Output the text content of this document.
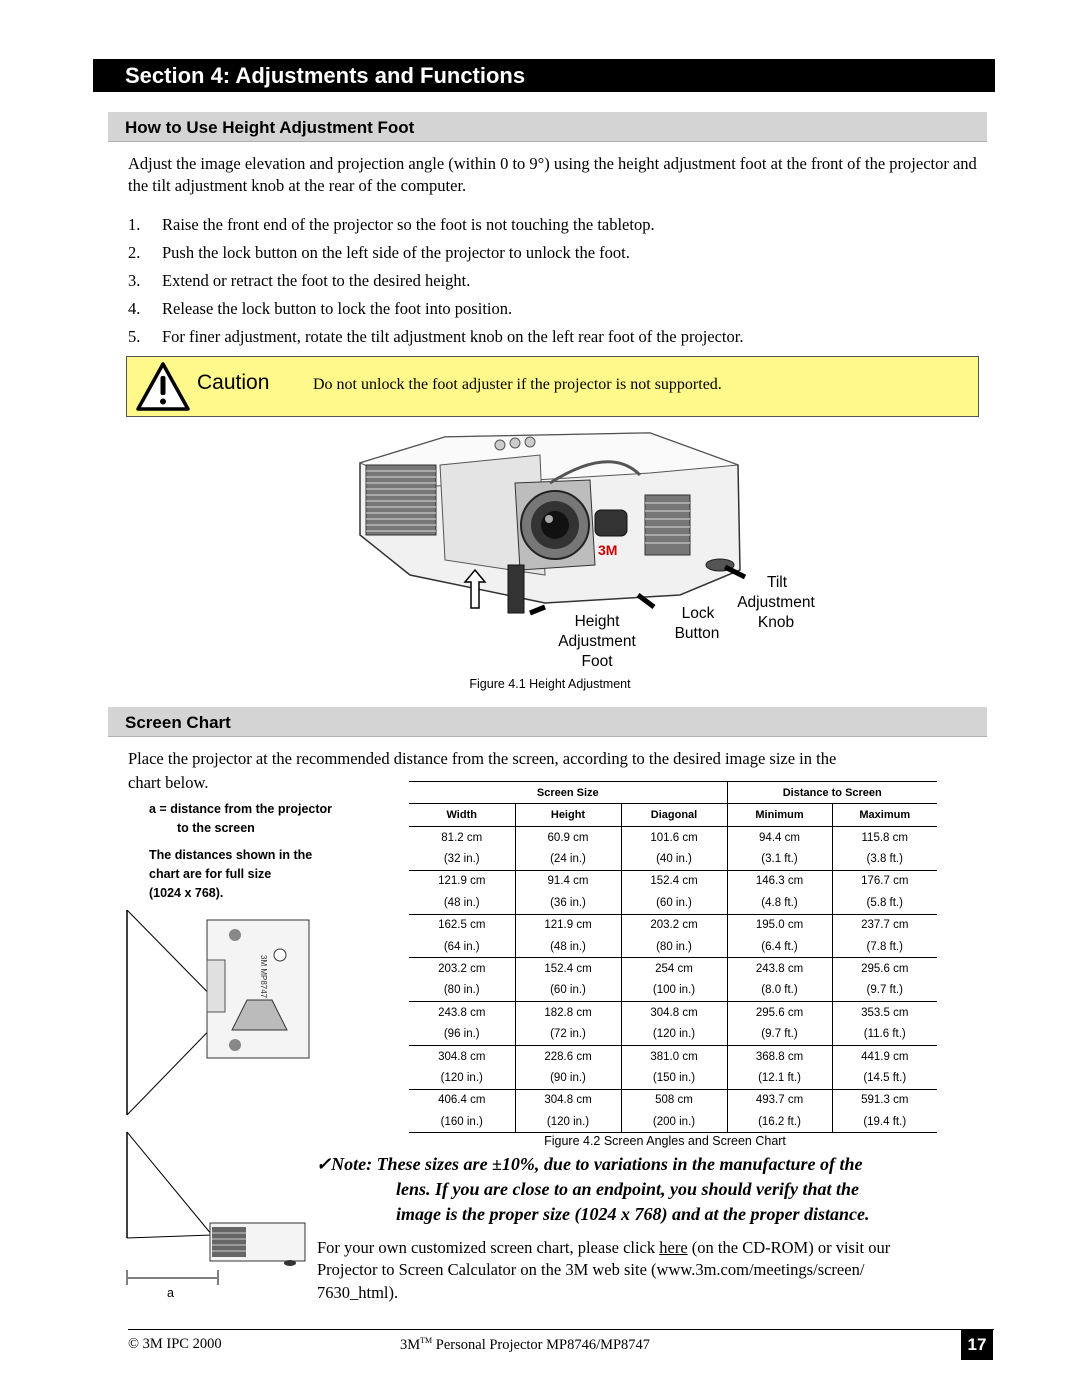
Section 4: Adjustments and Functions
How to Use Height Adjustment Foot
Adjust the image elevation and projection angle (within 0 to 9°) using the height adjustment foot at the front of the projector and the tilt adjustment knob at the rear of the computer.
1. Raise the front end of the projector so the foot is not touching the tabletop.
2. Push the lock button on the left side of the projector to unlock the foot.
3. Extend or retract the foot to the desired height.
4. Release the lock button to lock the foot into position.
5. For finer adjustment, rotate the tilt adjustment knob on the left rear foot of the projector.
Caution	Do not unlock the foot adjuster if the projector is not supported.
3M
Height
Adjustment
Foot
Lock
Button
Tilt
Adjustment
Knob
Figure 4.1 Height Adjustment
Screen Chart
Place the projector at the recommended distance from the screen, according to the desired image size in the
chart below.
a = distance from the projector
to the screen
The distances shown in the
chart are for full size
(1024 x 768).
3M MP8747
a
Screen Size			Distance to Screen	
Width	Height	Diagonal	Minimum	Maximum
81.2 cm	60.9 cm	101.6 cm	94.4 cm	115.8 cm
(32 in.)	(24 in.)	(40 in.)	(3.1 ft.)	(3.8 ft.)
121.9 cm	91.4 cm	152.4 cm	146.3 cm	176.7 cm
(48 in.)	(36 in.)	(60 in.)	(4.8 ft.)	(5.8 ft.)
162.5 cm	121.9 cm	203.2 cm	195.0 cm	237.7 cm
(64 in.)	(48 in.)	(80 in.)	(6.4 ft.)	(7.8 ft.)
203.2 cm	152.4 cm	254 cm	243.8 cm	295.6 cm
(80 in.)	(60 in.)	(100 in.)	(8.0 ft.)	(9.7 ft.)
243.8 cm	182.8 cm	304.8 cm	295.6 cm	353.5 cm
(96 in.)	(72 in.)	(120 in.)	(9.7 ft.)	(11.6 ft.)
304.8 cm	228.6 cm	381.0 cm	368.8 cm	441.9 cm
(120 in.)	(90 in.)	(150 in.)	(12.1 ft.)	(14.5 ft.)
406.4 cm	304.8 cm	508 cm	493.7 cm	591.3 cm
(160 in.)	(120 in.)	(200 in.)	(16.2 ft.)	(19.4 ft.)
Figure 4.2 Screen Angles and Screen Chart
✓Note: These sizes are ±10%, due to variations in the manufacture of the
lens. If you are close to an endpoint, you should verify that the
image is the proper size (1024 x 768) and at the proper distance.
For your own customized screen chart, please click here (on the CD-ROM) or visit our
Projector to Screen Calculator on the 3M web site (www.3m.com/meetings/screen/
7630_html).
© 3M IPC 2000	3M™ Personal Projector MP8746/MP8747	17
